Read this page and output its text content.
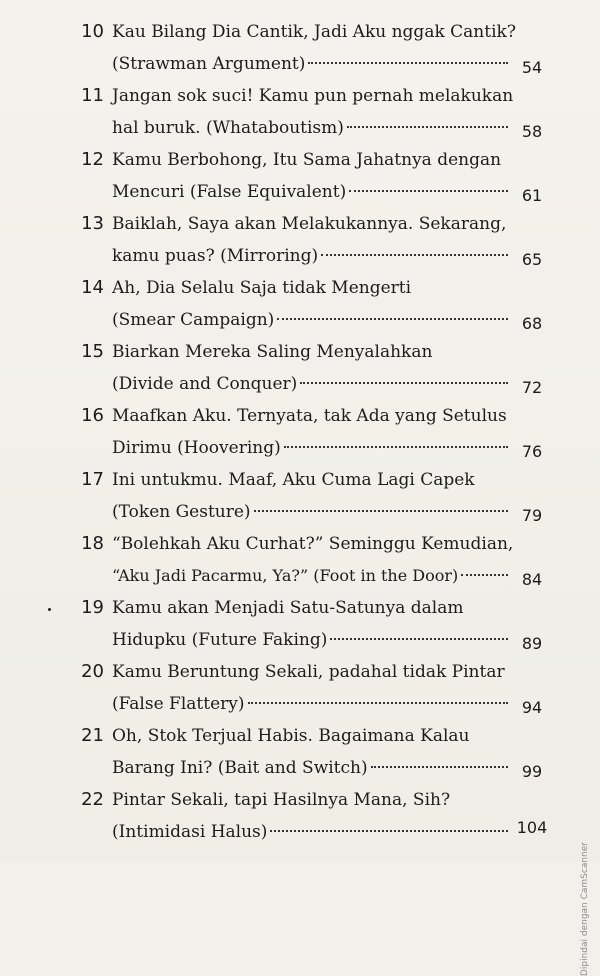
10 Kau Bilang Dia Cantik, Jadi Aku nggak Cantik?
(Strawman Argument)	54
11 Jangan sok suci! Kamu pun pernah melakukan
hal buruk. (Whataboutism)	58
12 Kamu Berbohong, Itu Sama Jahatnya dengan
Mencuri (False Equivalent)	61
13 Baiklah, Saya akan Melakukannya. Sekarang,
kamu puas? (Mirroring)	65
14 Ah, Dia Selalu Saja tidak Mengerti
(Smear Campaign)	68
15 Biarkan Mereka Saling Menyalahkan
(Divide and Conquer)	72
16 Maafkan Aku. Ternyata, tak Ada yang Setulus
Dirimu (Hoovering)	76
17 Ini untukmu. Maaf, Aku Cuma Lagi Capek
(Token Gesture)	79
18 “Bolehkah Aku Curhat?” Seminggu Kemudian,
“Aku Jadi Pacarmu, Ya?” (Foot in the Door)	84
19 Kamu akan Menjadi Satu-Satunya dalam
Hidupku (Future Faking)	89
20 Kamu Beruntung Sekali, padahal tidak Pintar
(False Flattery)	94
21 Oh, Stok Terjual Habis. Bagaimana Kalau
Barang Ini? (Bait and Switch)	99
22 Pintar Sekali, tapi Hasilnya Mana, Sih?
(Intimidasi Halus)	104
Dipindai dengan CamScanner
